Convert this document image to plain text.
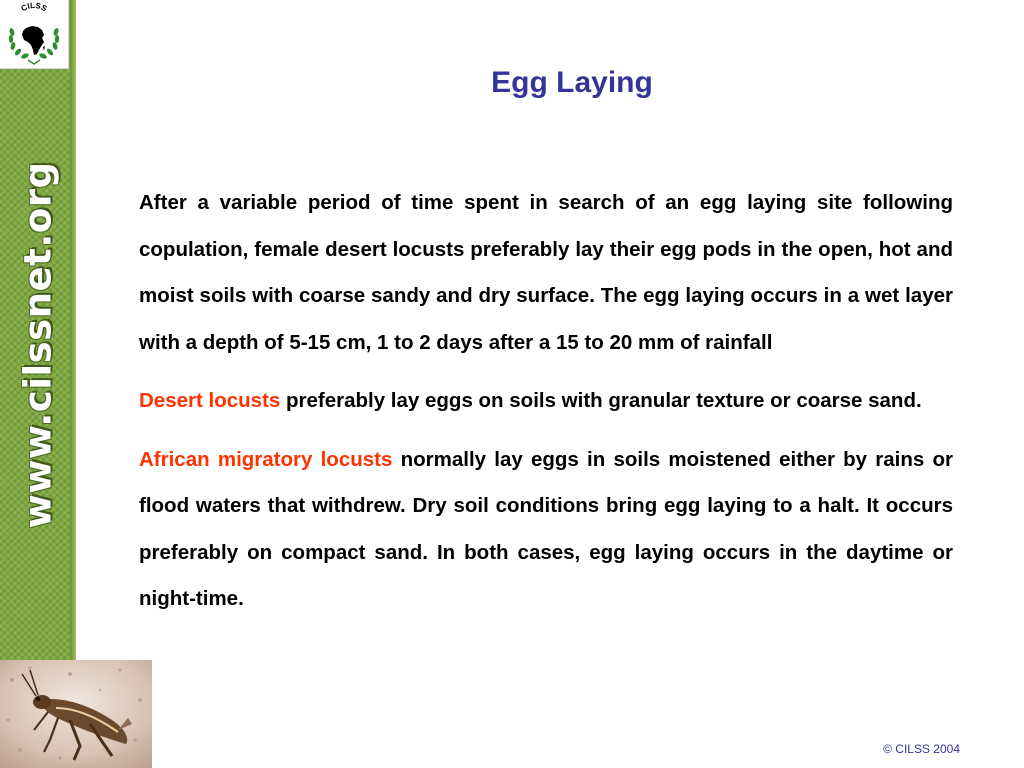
CILSS
www.cilssnet.org
Egg Laying

After a variable period of time spent in search of an egg laying site following copulation, female desert locusts preferably lay their egg pods in the open, hot and moist soils with coarse sandy and dry surface. The egg laying occurs in a wet layer with a depth of 5-15 cm, 1 to 2 days after a 15 to 20 mm of rainfall

Desert locusts preferably lay eggs on soils with granular texture or coarse sand.

African migratory locusts normally lay eggs in soils moistened either by rains or flood waters that withdrew. Dry soil conditions bring egg laying to a halt. It occurs preferably on compact sand. In both cases, egg laying occurs in the daytime or night-time.

© CILSS 2004
